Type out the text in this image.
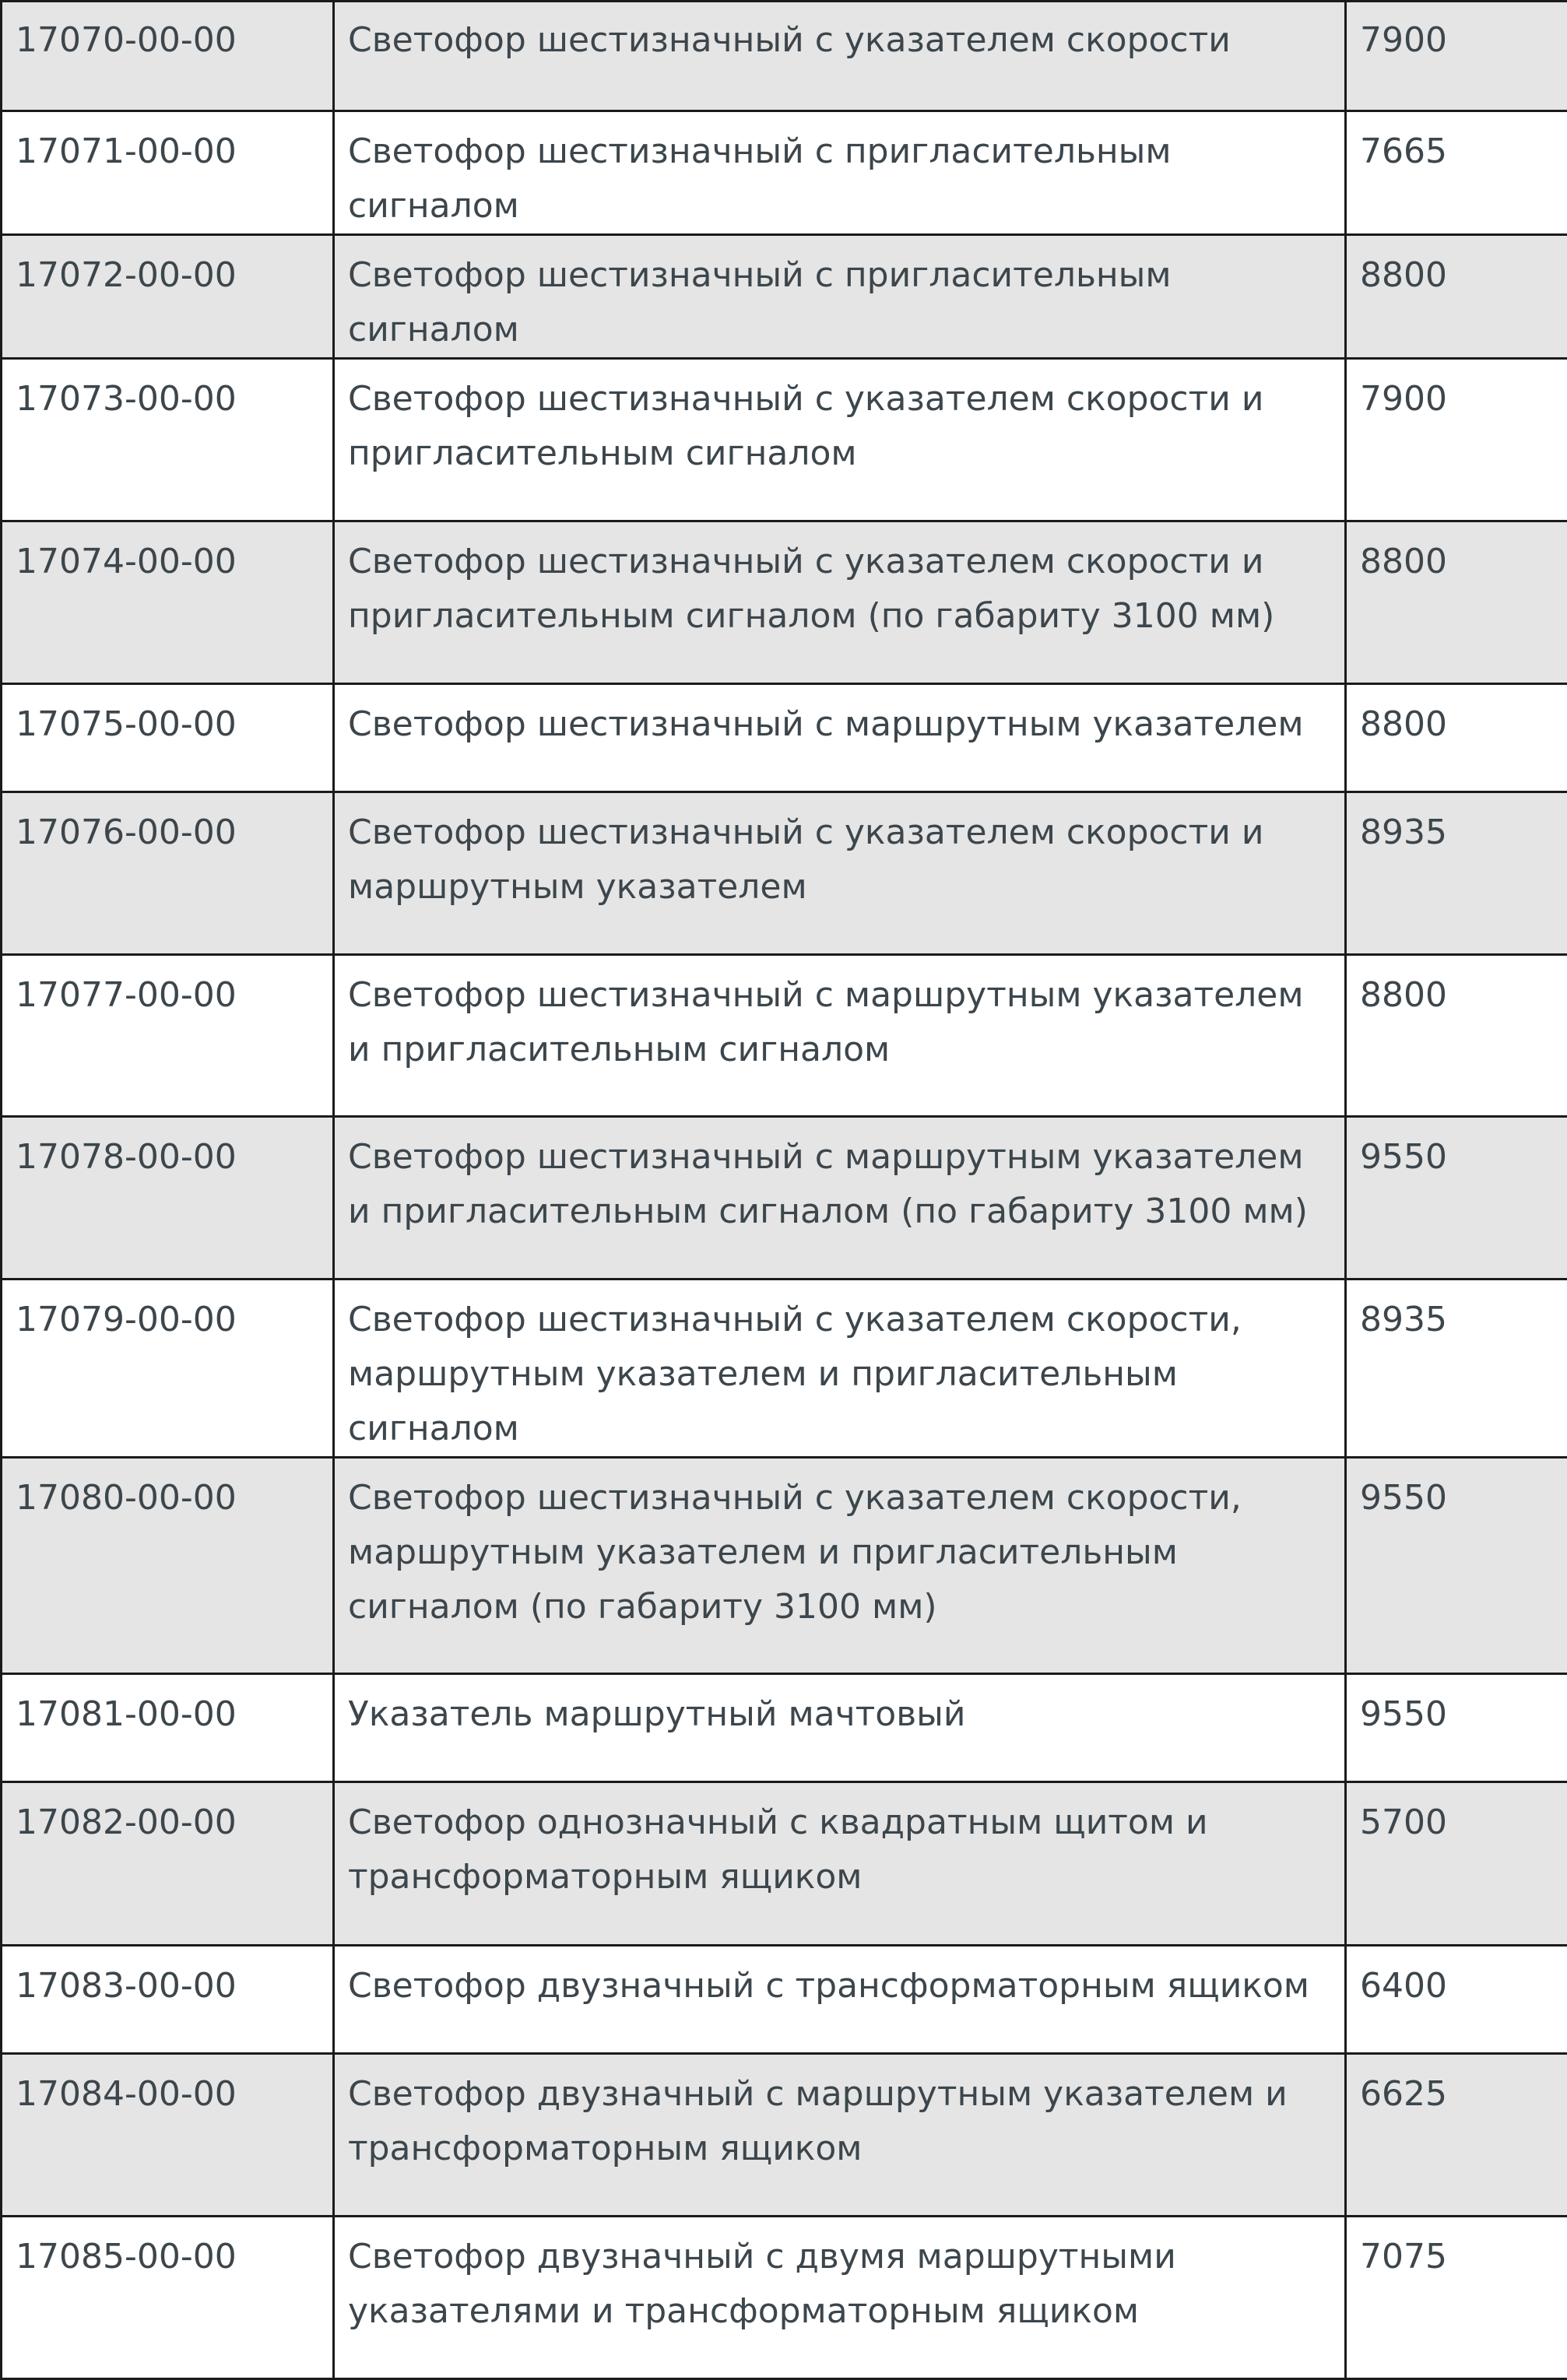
17070-00-00	Светофор шестизначный с указателем скорости	7900
17071-00-00	Светофор шестизначный с пригласительным сигналом	7665
17072-00-00	Светофор шестизначный с пригласительным сигналом	8800
17073-00-00	Светофор шестизначный с указателем скорости и пригласительным сигналом	7900
17074-00-00	Светофор шестизначный с указателем скорости и пригласительным сигналом (по габариту 3100 мм)	8800
17075-00-00	Светофор шестизначный с маршрутным указателем	8800
17076-00-00	Светофор шестизначный с указателем скорости и маршрутным указателем	8935
17077-00-00	Светофор шестизначный с маршрутным указателем и пригласительным сигналом	8800
17078-00-00	Светофор шестизначный с маршрутным указателем и пригласительным сигналом (по габариту 3100 мм)	9550
17079-00-00	Светофор шестизначный с указателем скорости, маршрутным указателем и пригласительным сигналом	8935
17080-00-00	Светофор шестизначный с указателем скорости, маршрутным указателем и пригласительным сигналом (по габариту 3100 мм)	9550
17081-00-00	Указатель маршрутный мачтовый	9550
17082-00-00	Светофор однозначный с квадратным щитом и трансформаторным ящиком	5700
17083-00-00	Светофор двузначный с трансформаторным ящиком	6400
17084-00-00	Светофор двузначный с маршрутным указателем и трансформаторным ящиком	6625
17085-00-00	Светофор двузначный с двумя маршрутными указателями и трансформаторным ящиком	7075
